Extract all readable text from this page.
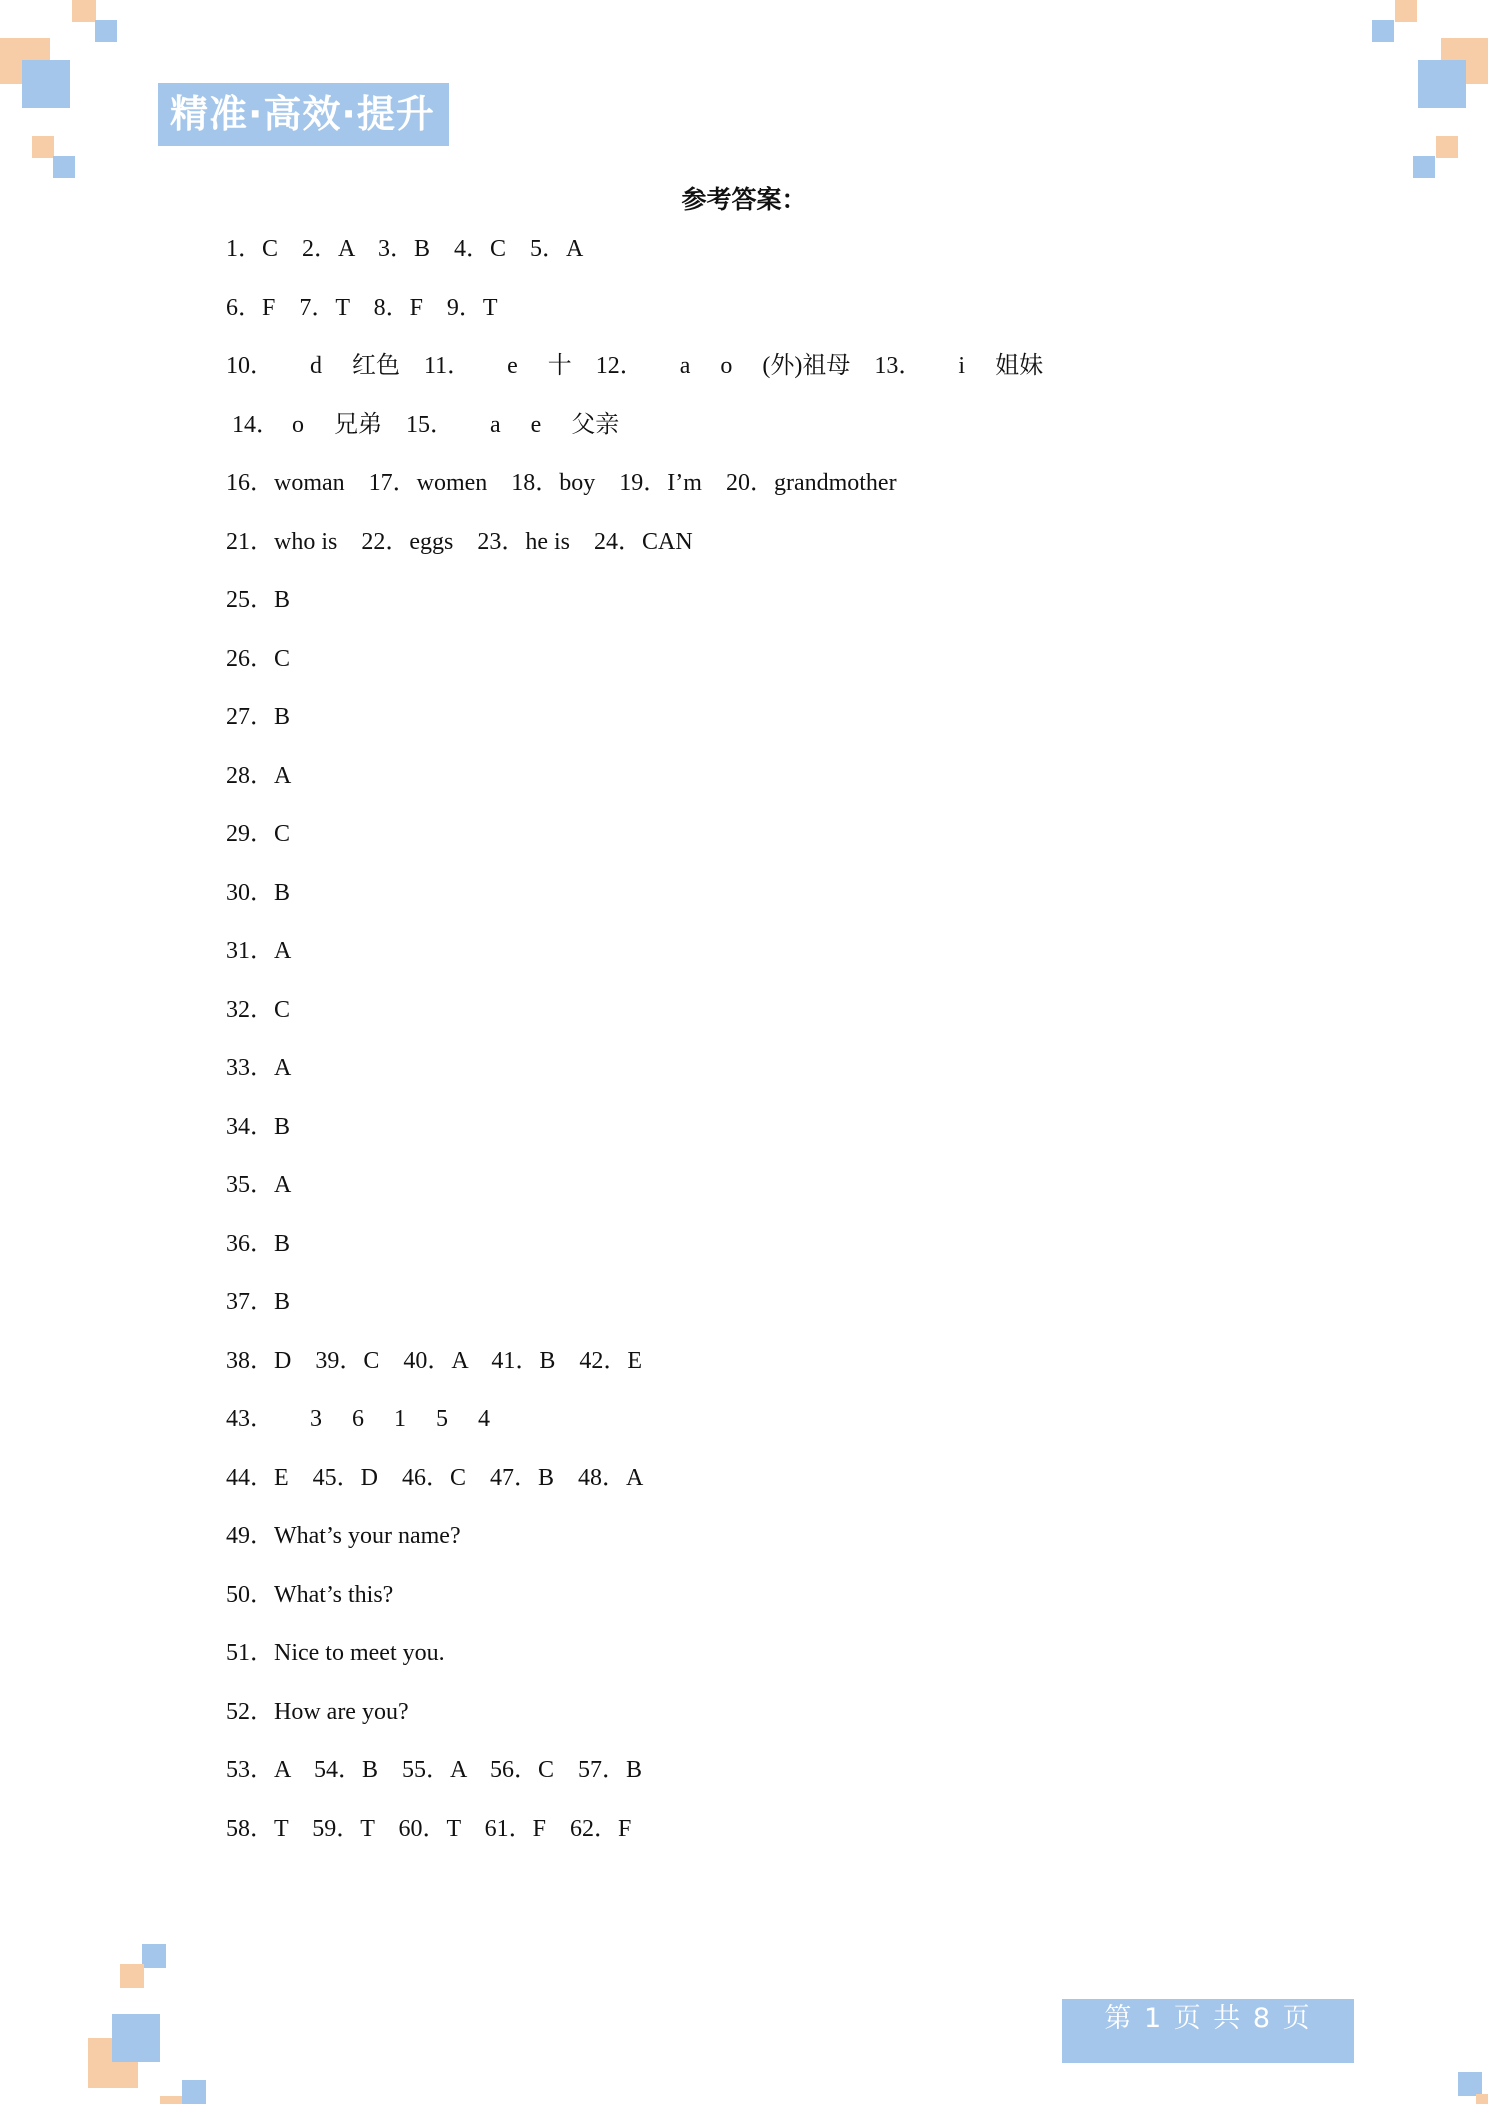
精准·高效·提升
参考答案：
1．C　2．A　3．B　4．C　5．A
6．F　7．T　8．F　9．T
10．　　d　 红色　11．　　e　 十　12．　　a　 o　 (外)祖母　13．　　i　 姐妹
14．　o　 兄弟　15．　　a　 e　 父亲
16．woman　17．women　18．boy　19．I’m　20．grandmother
21．who is　22．eggs　23．he is　24．CAN
25．B
26．C
27．B
28．A
29．C
30．B
31．A
32．C
33．A
34．B
35．A
36．B
37．B
38．D　39．C　40．A　41．B　42．E
43．　　3　 6　 1　 5　 4
44．E　45．D　46．C　47．B　48．A
49．What’s your name?
50．What’s this?
51．Nice to meet you.
52．How are you?
53．A　54．B　55．A　56．C　57．B
58．T　59．T　60．T　61．F　62．F
第 1 页 共 8 页
